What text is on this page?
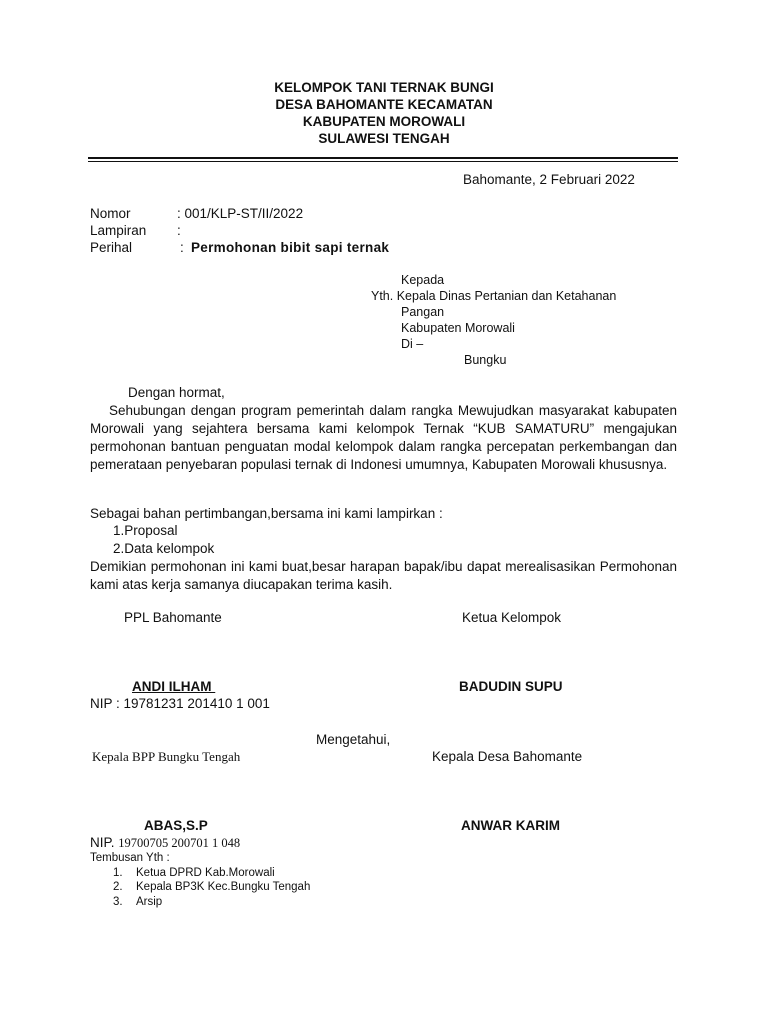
KELOMPOK TANI TERNAK BUNGI
DESA BAHOMANTE KECAMATAN
KABUPATEN MOROWALI
SULAWESI TENGAH
Bahomante, 2 Februari 2022
Nomor	: 001/KLP-ST/II/2022
Lampiran :
Perihal	: Permohonan bibit sapi ternak
Kepada
Yth. Kepala Dinas Pertanian dan Ketahanan
Pangan
Kabupaten Morowali
Di –
Bungku
Dengan hormat,

Sehubungan dengan program pemerintah dalam rangka Mewujudkan masyarakat kabupaten Morowali yang sejahtera bersama kami kelompok Ternak “KUB SAMATURU” mengajukan permohonan bantuan penguatan modal kelompok dalam rangka percepatan perkembangan dan pemerataan penyebaran populasi ternak di Indonesi umumnya, Kabupaten Morowali khususnya.

Sebagai bahan pertimbangan,bersama ini kami lampirkan :
1.Proposal
2.Data kelompok

Demikian permohonan ini kami buat,besar harapan bapak/ibu dapat merealisasikan Permohonan kami atas kerja samanya diucapakan terima kasih.

PPL Bahomante	Ketua Kelompok
ANDI ILHAM	BADUDIN SUPU
NIP : 19781231 201410 1 001
Mengetahui,
Kepala BPP Bungku Tengah	Kepala Desa Bahomante
ABAS,S.P	ANWAR KARIM
NIP. 19700705 200701 1 048
Tembusan Yth :
1. Ketua DPRD Kab.Morowali
2. Kepala BP3K Kec.Bungku Tengah
3. Arsip
